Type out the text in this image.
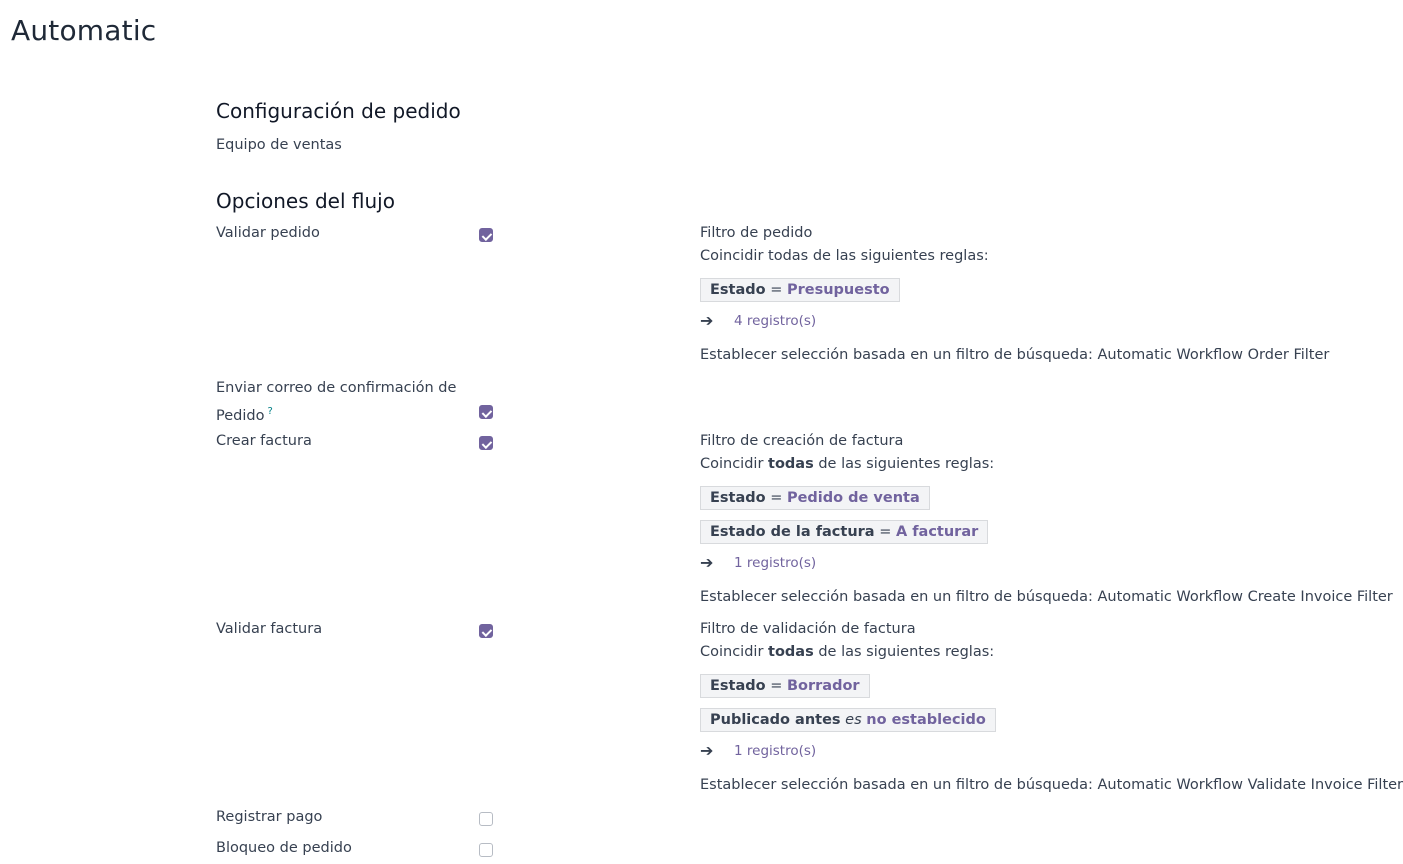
Automatic
Configuración de pedido
Equipo de ventas
Opciones del flujo
Validar pedido	Filtro de pedido
Coincidir todas de las siguientes reglas:
Estado = Presupuesto
➔ 4 registro(s)
Establecer selección basada en un filtro de búsqueda: Automatic Workflow Order Filter
Enviar correo de confirmación de Pedido ?
Crear factura	Filtro de creación de factura
Coincidir todas de las siguientes reglas:
Estado = Pedido de venta
Estado de la factura = A facturar
➔ 1 registro(s)
Establecer selección basada en un filtro de búsqueda: Automatic Workflow Create Invoice Filter
Validar factura	Filtro de validación de factura
Coincidir todas de las siguientes reglas:
Estado = Borrador
Publicado antes es no establecido
➔ 1 registro(s)
Establecer selección basada en un filtro de búsqueda: Automatic Workflow Validate Invoice Filter
Registrar pago
Bloqueo de pedido
